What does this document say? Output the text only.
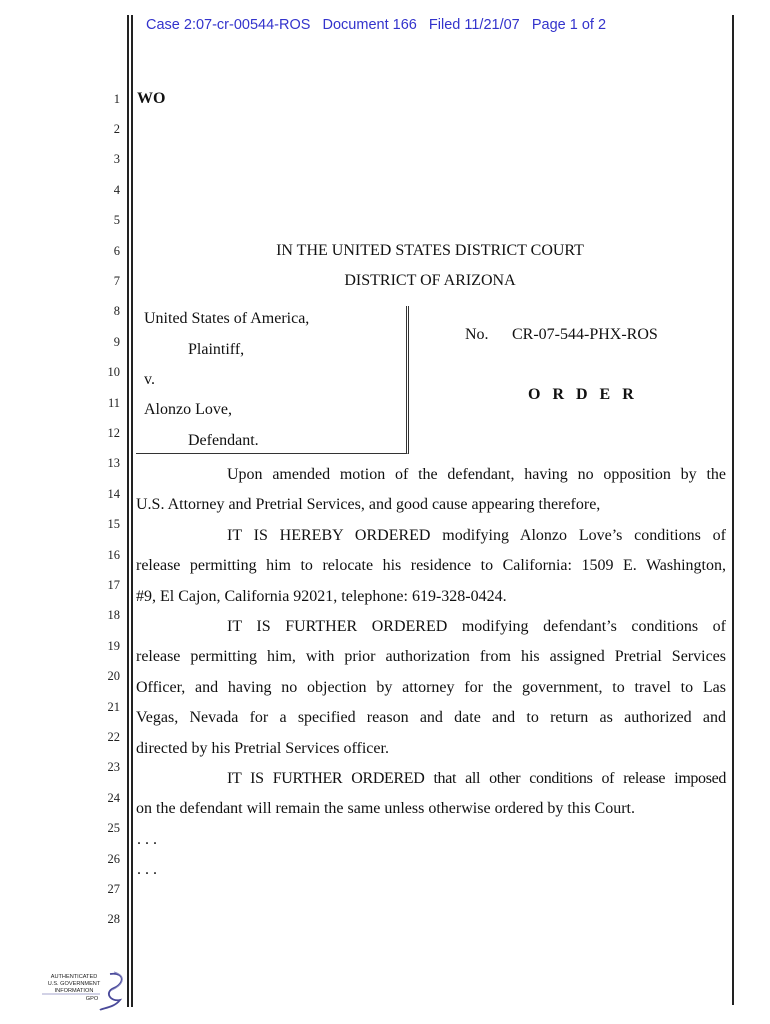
Case 2:07-cr-00544-ROS Document 166 Filed 11/21/07 Page 1 of 2
1
2
3
4
5
6
7
8
9
10
11
12
13
14
15
16
17
18
19
20
21
22
23
24
25
26
27
28
WO
IN THE UNITED STATES DISTRICT COURT
DISTRICT OF ARIZONA
United States of America,
Plaintiff,
v.
Alonzo Love,
Defendant.
No. CR-07-544-PHX-ROS
O R D E R
Upon amended motion of the defendant, having no opposition by the
U.S. Attorney and Pretrial Services, and good cause appearing therefore,
IT IS HEREBY ORDERED modifying Alonzo Love’s conditions of
release permitting him to relocate his residence to California: 1509 E. Washington,
#9, El Cajon, California 92021, telephone: 619-328-0424.
IT IS FURTHER ORDERED modifying defendant’s conditions of
release permitting him, with prior authorization from his assigned Pretrial Services
Officer, and having no objection by attorney for the government, to travel to Las
Vegas, Nevada for a specified reason and date and to return as authorized and
directed by his Pretrial Services officer.
IT IS FURTHER ORDERED that all other conditions of release imposed
on the defendant will remain the same unless otherwise ordered by this Court.
. . .
. . .
AUTHENTICATED
U.S. GOVERNMENT
INFORMATION
GPO
